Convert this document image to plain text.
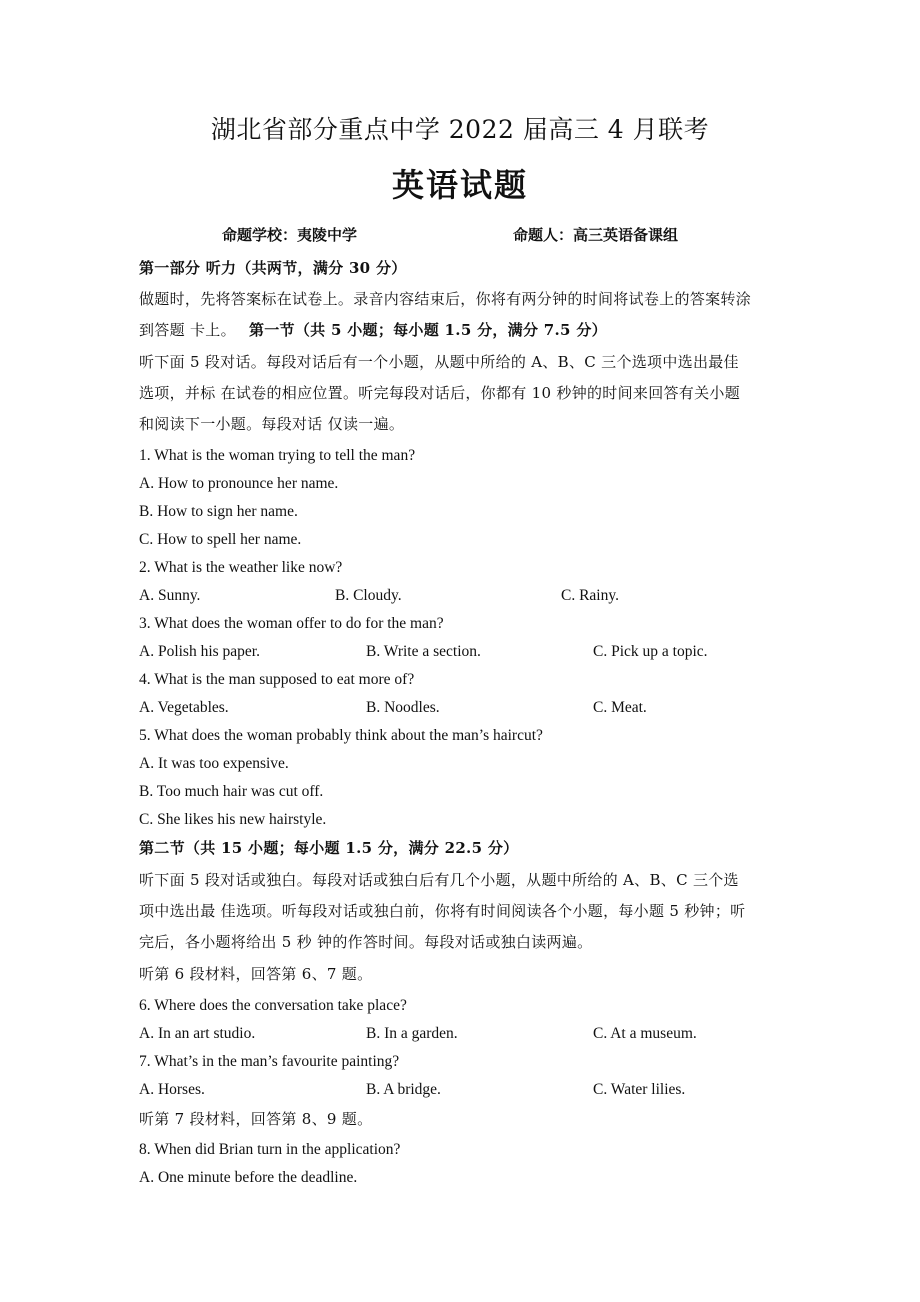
湖北省部分重点中学 2022 届高三 4 月联考
英语试题
命题学校：夷陵中学	命题人：高三英语备课组
第一部分 听力（共两节，满分 30 分）
做题时，先将答案标在试卷上。录音内容结束后，你将有两分钟的时间将试卷上的答案转涂
到答题 卡上。 第一节（共 5 小题；每小题 1.5 分，满分 7.5 分）
听下面 5 段对话。每段对话后有一个小题，从题中所给的 A、B、C 三个选项中选出最佳
选项，并标 在试卷的相应位置。听完每段对话后，你都有 10 秒钟的时间来回答有关小题
和阅读下一小题。每段对话 仅读一遍。
1. What is the woman trying to tell the man?
A. How to pronounce her name.
B. How to sign her name.
C. How to spell her name.
2. What is the weather like now?
A. Sunny.	B. Cloudy.	C. Rainy.
3. What does the woman offer to do for the man?
A. Polish his paper.	B. Write a section.	C. Pick up a topic.
4. What is the man supposed to eat more of?
A. Vegetables.	B. Noodles.	C. Meat.
5. What does the woman probably think about the man’s haircut?
A. It was too expensive.
B. Too much hair was cut off.
C. She likes his new hairstyle.
第二节（共 15 小题；每小题 1.5 分，满分 22.5 分）
听下面 5 段对话或独白。每段对话或独白后有几个小题，从题中所给的 A、B、C 三个选
项中选出最 佳选项。听每段对话或独白前，你将有时间阅读各个小题，每小题 5 秒钟；听
完后，各小题将给出 5 秒 钟的作答时间。每段对话或独白读两遍。
听第 6 段材料，回答第 6、7 题。
6. Where does the conversation take place?
A. In an art studio.	B. In a garden.	C. At a museum.
7. What’s in the man’s favourite painting?
A. Horses.	B. A bridge.	C. Water lilies.
听第 7 段材料，回答第 8、9 题。
8. When did Brian turn in the application?
A. One minute before the deadline.
